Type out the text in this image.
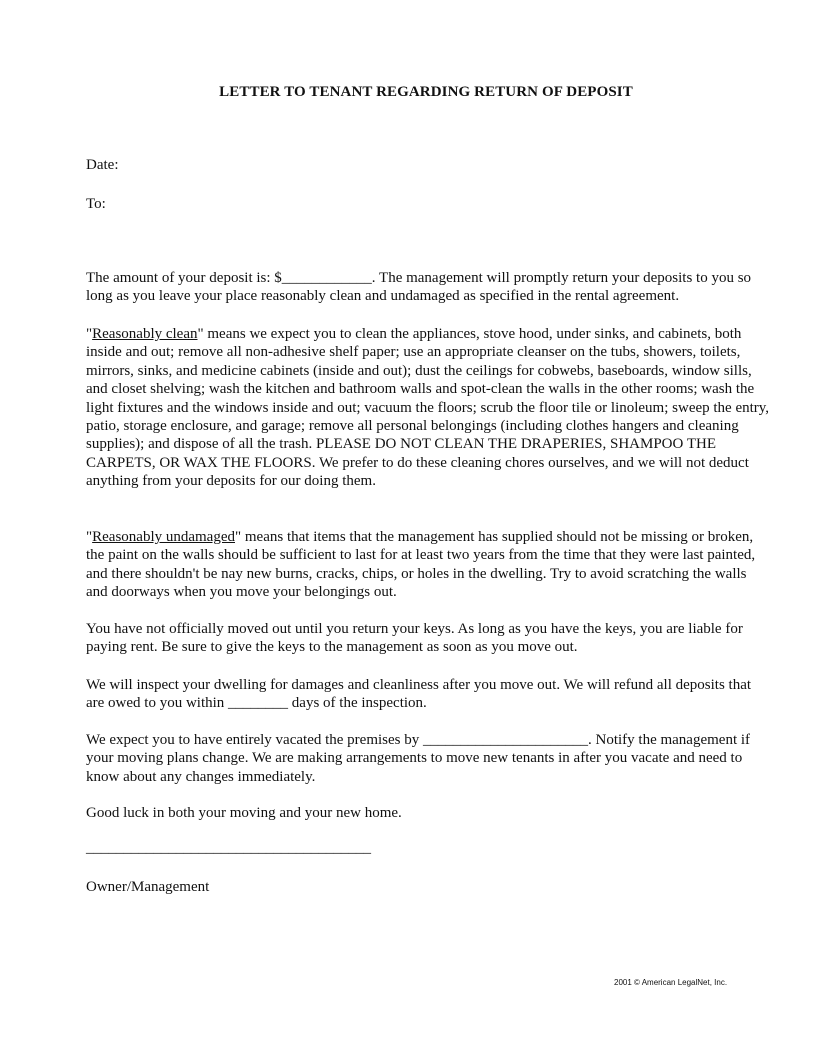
LETTER TO TENANT REGARDING RETURN OF DEPOSIT
Date:
To:

The amount of your deposit is: $____________. The management will promptly return your deposits to you so long as you leave your place reasonably clean and undamaged as specified in the rental agreement.

"Reasonably clean" means we expect you to clean the appliances, stove hood, under sinks, and cabinets, both inside and out; remove all non-adhesive shelf paper; use an appropriate cleanser on the tubs, showers, toilets, mirrors, sinks, and medicine cabinets (inside and out); dust the ceilings for cobwebs, baseboards, window sills, and closet shelving; wash the kitchen and bathroom walls and spot-clean the walls in the other rooms; wash the light fixtures and the windows inside and out; vacuum the floors; scrub the floor tile or linoleum; sweep the entry, patio, storage enclosure, and garage; remove all personal belongings (including clothes hangers and cleaning supplies); and dispose of all the trash. PLEASE DO NOT CLEAN THE DRAPERIES, SHAMPOO THE CARPETS, OR WAX THE FLOORS. We prefer to do these cleaning chores ourselves, and we will not deduct anything from your deposits for our doing them.

"Reasonably undamaged" means that items that the management has supplied should not be missing or broken, the paint on the walls should be sufficient to last for at least two years from the time that they were last painted, and there shouldn't be nay new burns, cracks, chips, or holes in the dwelling. Try to avoid scratching the walls and doorways when you move your belongings out.

You have not officially moved out until you return your keys. As long as you have the keys, you are liable for paying rent. Be sure to give the keys to the management as soon as you move out.

We will inspect your dwelling for damages and cleanliness after you move out. We will refund all deposits that are owed to you within ________ days of the inspection.

We expect you to have entirely vacated the premises by ______________________. Notify the management if your moving plans change. We are making arrangements to move new tenants in after you vacate and need to know about any changes immediately.

Good luck in both your moving and your new home.

______________________________________
Owner/Management
2001 © American LegalNet, Inc.
